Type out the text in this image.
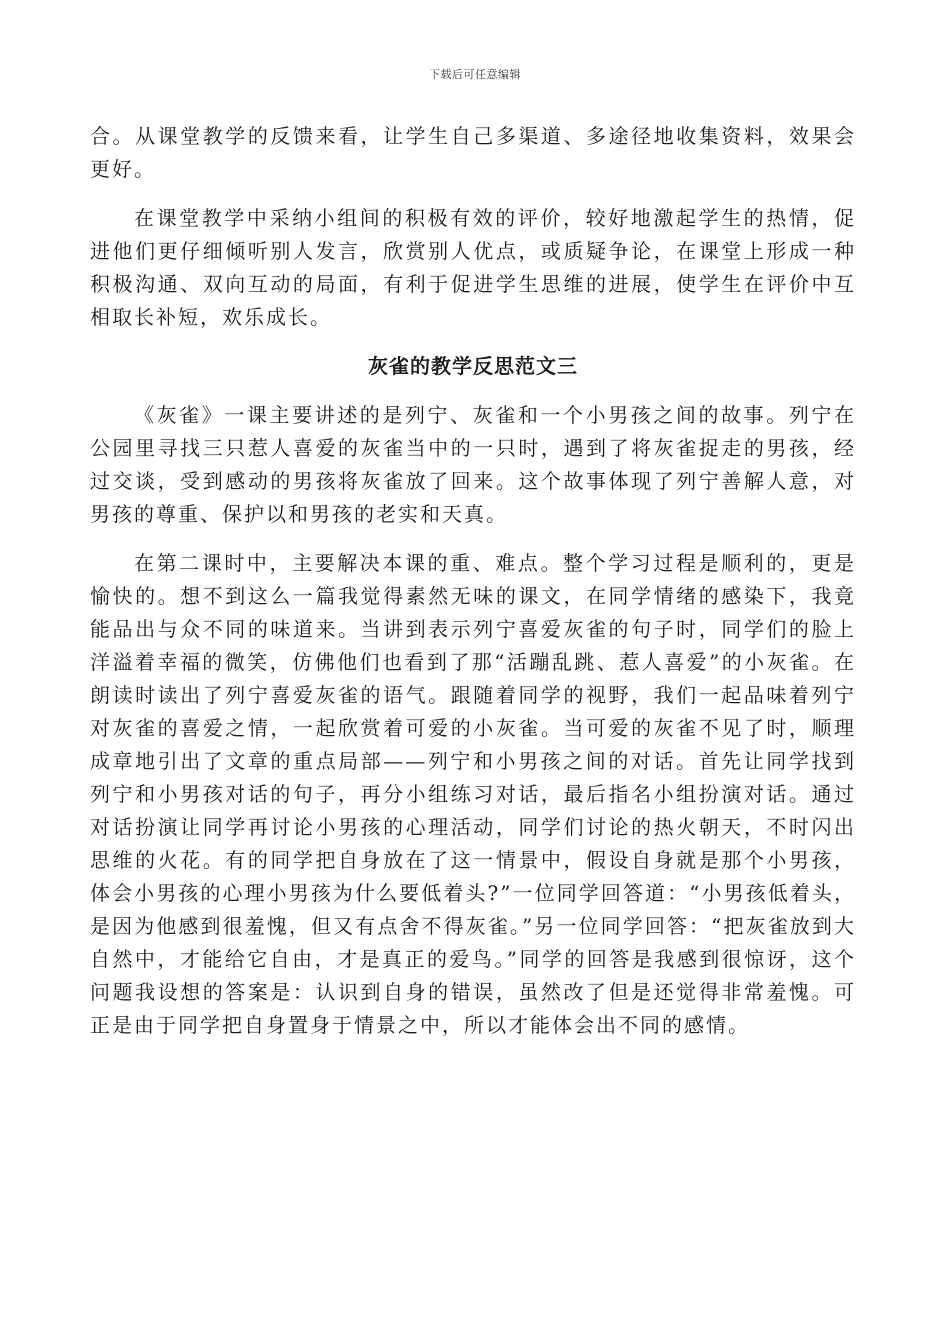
下载后可任意编辑

合。从课堂教学的反馈来看，让学生自己多渠道、多途径地收集资料，效果会更好。

在课堂教学中采纳小组间的积极有效的评价，较好地激起学生的热情，促进他们更仔细倾听别人发言，欣赏别人优点，或质疑争论，在课堂上形成一种积极沟通、双向互动的局面，有利于促进学生思维的进展，使学生在评价中互相取长补短，欢乐成长。

灰雀的教学反思范文三

《灰雀》一课主要讲述的是列宁、灰雀和一个小男孩之间的故事。列宁在公园里寻找三只惹人喜爱的灰雀当中的一只时，遇到了将灰雀捉走的男孩，经过交谈，受到感动的男孩将灰雀放了回来。这个故事体现了列宁善解人意，对男孩的尊重、保护以和男孩的老实和天真。

在第二课时中，主要解决本课的重、难点。整个学习过程是顺利的，更是愉快的。想不到这么一篇我觉得素然无味的课文，在同学情绪的感染下，我竟能品出与众不同的味道来。当讲到表示列宁喜爱灰雀的句子时，同学们的脸上洋溢着幸福的微笑，仿佛他们也看到了那“活蹦乱跳、惹人喜爱”的小灰雀。在朗读时读出了列宁喜爱灰雀的语气。跟随着同学的视野，我们一起品味着列宁对灰雀的喜爱之情，一起欣赏着可爱的小灰雀。当可爱的灰雀不见了时，顺理成章地引出了文章的重点局部——列宁和小男孩之间的对话。首先让同学找到列宁和小男孩对话的句子，再分小组练习对话，最后指名小组扮演对话。通过对话扮演让同学再讨论小男孩的心理活动，同学们讨论的热火朝天，不时闪出思维的火花。有的同学把自身放在了这一情景中，假设自身就是那个小男孩，体会小男孩的心理小男孩为什么要低着头?”一位同学回答道：“小男孩低着头，是因为他感到很羞愧，但又有点舍不得灰雀。”另一位同学回答：“把灰雀放到大自然中，才能给它自由，才是真正的爱鸟。”同学的回答是我感到很惊讶，这个问题我设想的答案是：认识到自身的错误，虽然改了但是还觉得非常羞愧。可正是由于同学把自身置身于情景之中，所以才能体会出不同的感情。
